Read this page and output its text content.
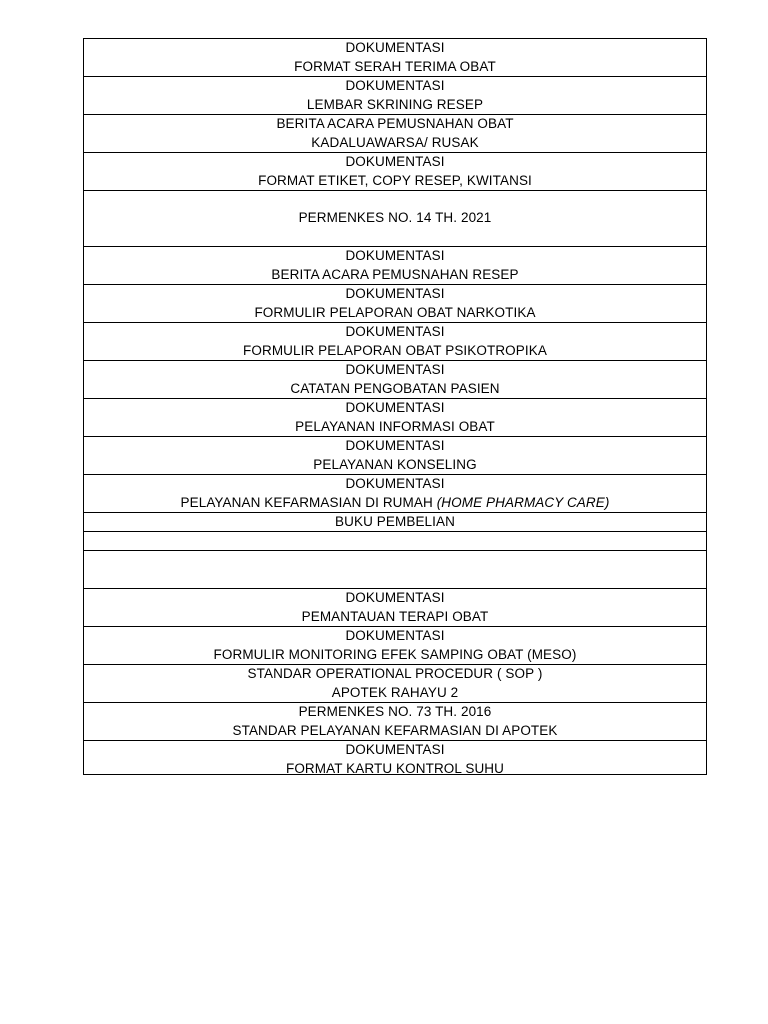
DOKUMENTASI
FORMAT SERAH TERIMA OBAT
DOKUMENTASI
LEMBAR SKRINING RESEP
BERITA ACARA PEMUSNAHAN OBAT
KADALUAWARSA/ RUSAK
DOKUMENTASI
FORMAT ETIKET, COPY RESEP, KWITANSI
PERMENKES NO. 14 TH. 2021
DOKUMENTASI
BERITA ACARA PEMUSNAHAN RESEP
DOKUMENTASI
FORMULIR PELAPORAN OBAT NARKOTIKA
DOKUMENTASI
FORMULIR PELAPORAN OBAT PSIKOTROPIKA
DOKUMENTASI
CATATAN PENGOBATAN PASIEN
DOKUMENTASI
PELAYANAN INFORMASI OBAT
DOKUMENTASI
PELAYANAN KONSELING
DOKUMENTASI
PELAYANAN KEFARMASIAN DI RUMAH (HOME PHARMACY CARE)
BUKU PEMBELIAN
DOKUMENTASI
PEMANTAUAN TERAPI OBAT
DOKUMENTASI
FORMULIR MONITORING EFEK SAMPING OBAT (MESO)
STANDAR OPERATIONAL PROCEDUR ( SOP )
APOTEK RAHAYU 2
PERMENKES NO. 73 TH. 2016
STANDAR PELAYANAN KEFARMASIAN DI APOTEK
DOKUMENTASI
FORMAT KARTU KONTROL SUHU
